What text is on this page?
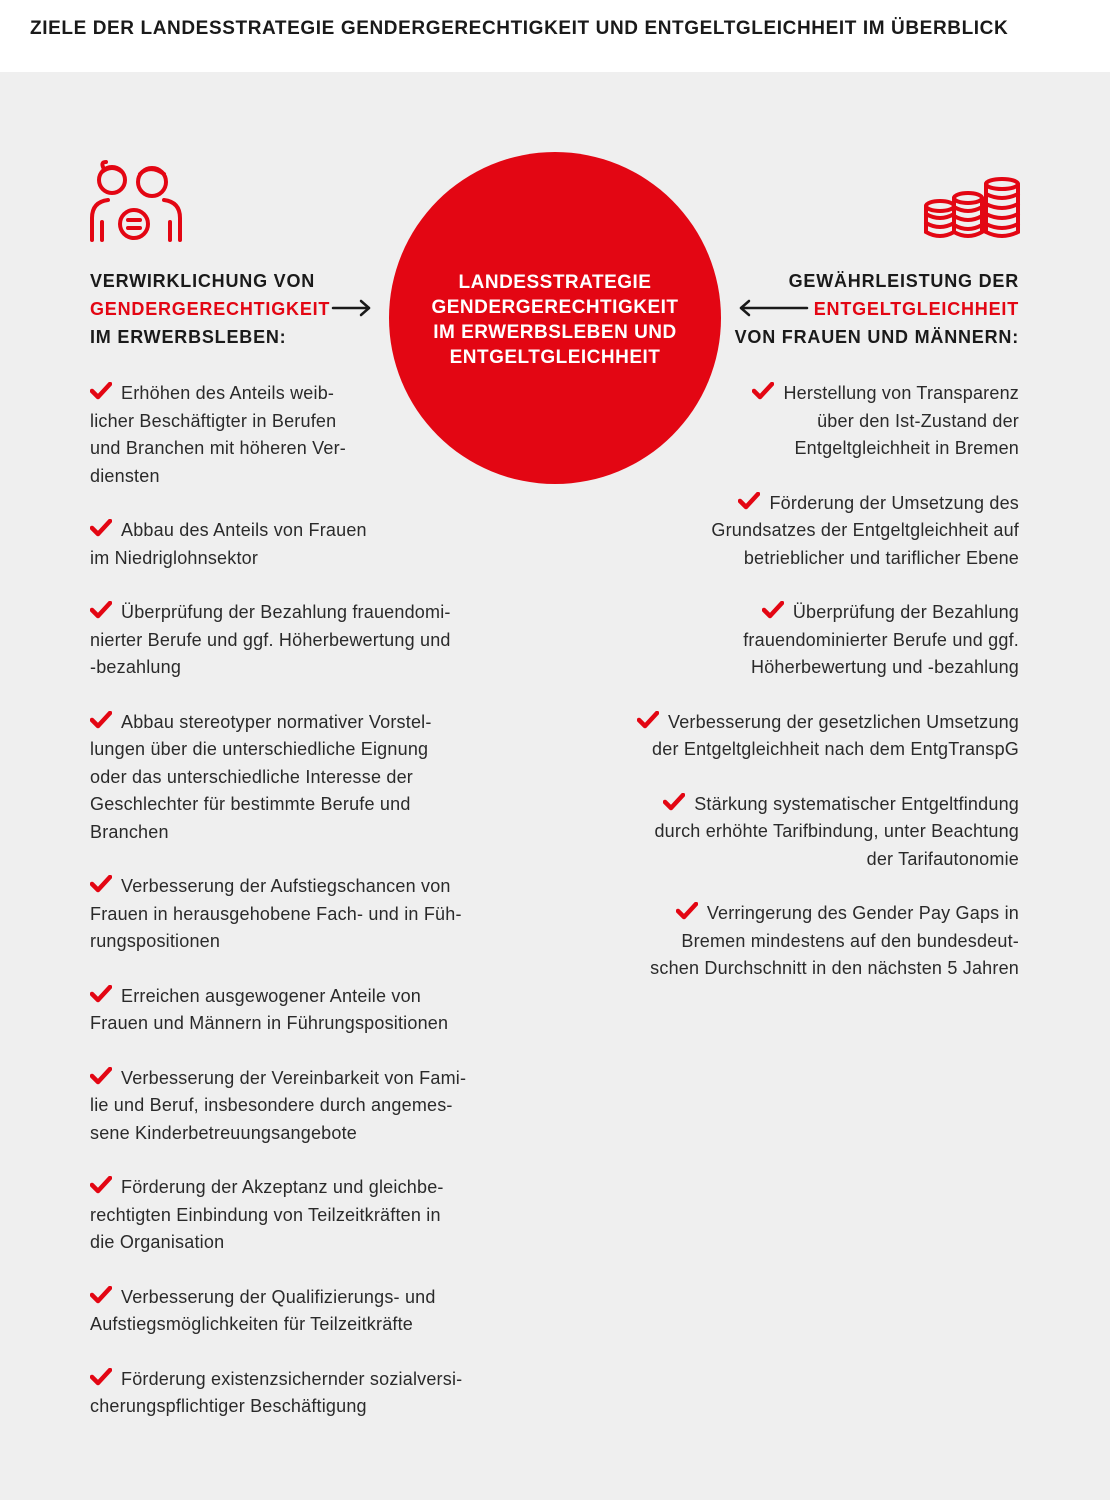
ZIELE DER LANDESSTRATEGIE GENDERGERECHTIGKEIT UND ENTGELTGLEICHHEIT IM ÜBERBLICK
LANDESSTRATEGIE
GENDERGERECHTIGKEIT
IM ERWERBSLEBEN UND
ENTGELTGLEICHHEIT
VERWIRKLICHUNG VON
GENDERGERECHTIGKEIT
IM ERWERBSLEBEN:
GEWÄHRLEISTUNG DER
ENTGELTGLEICHHEIT
VON FRAUEN UND MÄNNERN:
Erhöhen des Anteils weib-
licher Beschäftigter in Berufen
und Branchen mit höheren Ver-
diensten
Abbau des Anteils von Frauen
im Niedriglohnsektor
Überprüfung der Bezahlung frauendomi-
nierter Berufe und ggf. Höherbewertung und
-bezahlung
Abbau stereotyper normativer Vorstel-
lungen über die unterschiedliche Eignung
oder das unterschiedliche Interesse der
Geschlechter für bestimmte Berufe und
Branchen
Verbesserung der Aufstiegschancen von
Frauen in herausgehobene Fach- und in Füh-
rungspositionen
Erreichen ausgewogener Anteile von
Frauen und Männern in Führungspositionen
Verbesserung der Vereinbarkeit von Fami-
lie und Beruf, insbesondere durch angemes-
sene Kinderbetreuungsangebote
Förderung der Akzeptanz und gleichbe-
rechtigten Einbindung von Teilzeitkräften in
die Organisation
Verbesserung der Qualifizierungs- und
Aufstiegsmöglichkeiten für Teilzeitkräfte
Förderung existenzsichernder sozialversi-
cherungspflichtiger Beschäftigung
Herstellung von Transparenz
über den Ist-Zustand der
Entgeltgleichheit in Bremen
Förderung der Umsetzung des
Grundsatzes der Entgeltgleichheit auf
betrieblicher und tariflicher Ebene
Überprüfung der Bezahlung
frauendominierter Berufe und ggf.
Höherbewertung und -bezahlung
Verbesserung der gesetzlichen Umsetzung
der Entgeltgleichheit nach dem EntgTranspG
Stärkung systematischer Entgeltfindung
durch erhöhte Tarifbindung, unter Beachtung
der Tarifautonomie
Verringerung des Gender Pay Gaps in
Bremen mindestens auf den bundesdeut-
schen Durchschnitt in den nächsten 5 Jahren
